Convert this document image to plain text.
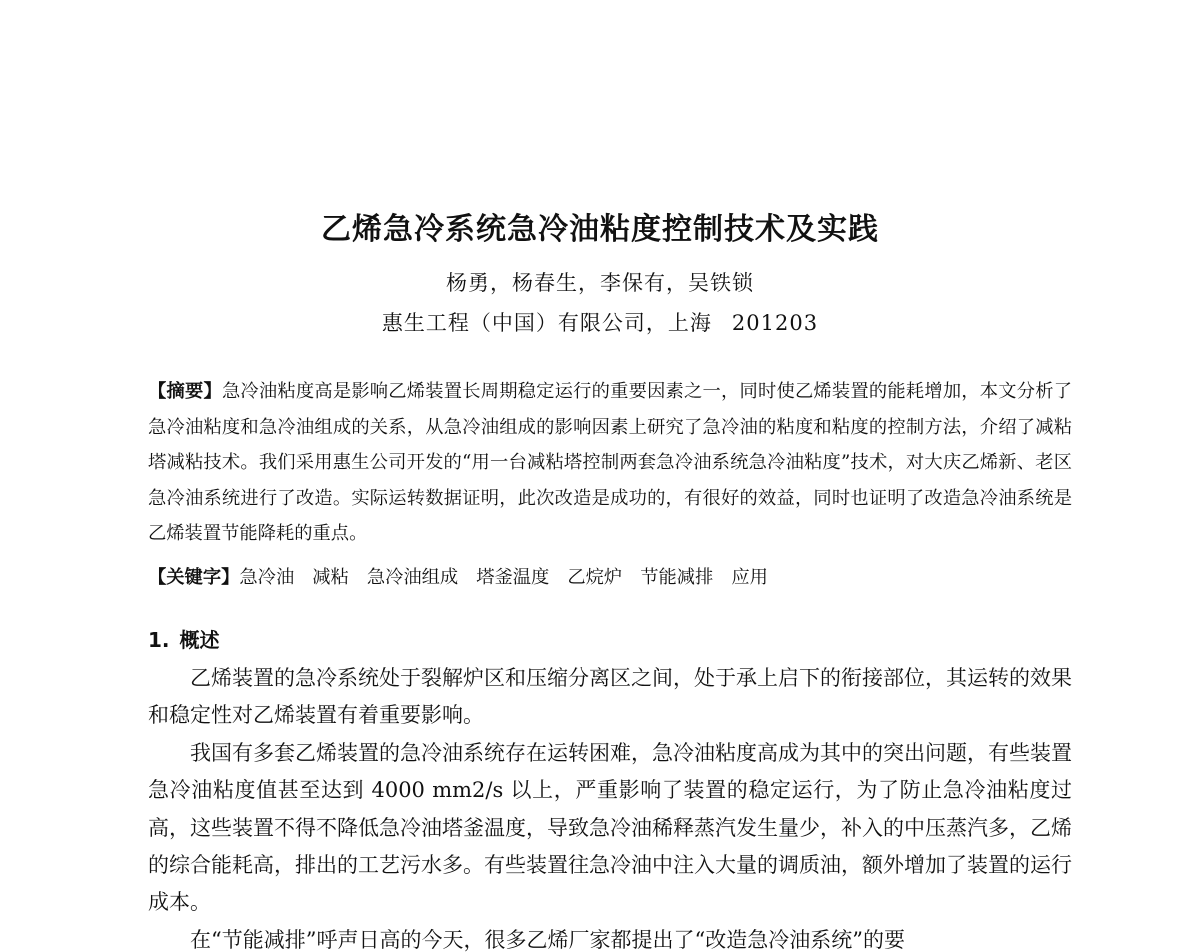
乙烯急冷系统急冷油粘度控制技术及实践
杨勇，杨春生，李保有，吴铁锁
惠生工程（中国）有限公司，上海 201203

【摘要】急冷油粘度高是影响乙烯装置长周期稳定运行的重要因素之一，同时使乙烯装置的能耗增加，本文分析了急冷油粘度和急冷油组成的关系，从急冷油组成的影响因素上研究了急冷油的粘度和粘度的控制方法，介绍了减粘塔减粘技术。我们采用惠生公司开发的“用一台减粘塔控制两套急冷油系统急冷油粘度”技术，对大庆乙烯新、老区急冷油系统进行了改造。实际运转数据证明，此次改造是成功的，有很好的效益，同时也证明了改造急冷油系统是乙烯装置节能降耗的重点。

【关键字】急冷油 减粘 急冷油组成 塔釜温度 乙烷炉 节能减排 应用
1. 概述

乙烯装置的急冷系统处于裂解炉区和压缩分离区之间，处于承上启下的衔接部位，其运转的效果和稳定性对乙烯装置有着重要影响。

我国有多套乙烯装置的急冷油系统存在运转困难，急冷油粘度高成为其中的突出问题，有些装置急冷油粘度值甚至达到 4000 mm2/s 以上，严重影响了装置的稳定运行，为了防止急冷油粘度过高，这些装置不得不降低急冷油塔釜温度，导致急冷油稀释蒸汽发生量少，补入的中压蒸汽多，乙烯的综合能耗高，排出的工艺污水多。有些装置往急冷油中注入大量的调质油，额外增加了装置的运行成本。

在“节能减排”呼声日高的今天，很多乙烯厂家都提出了“改造急冷油系统”的要
